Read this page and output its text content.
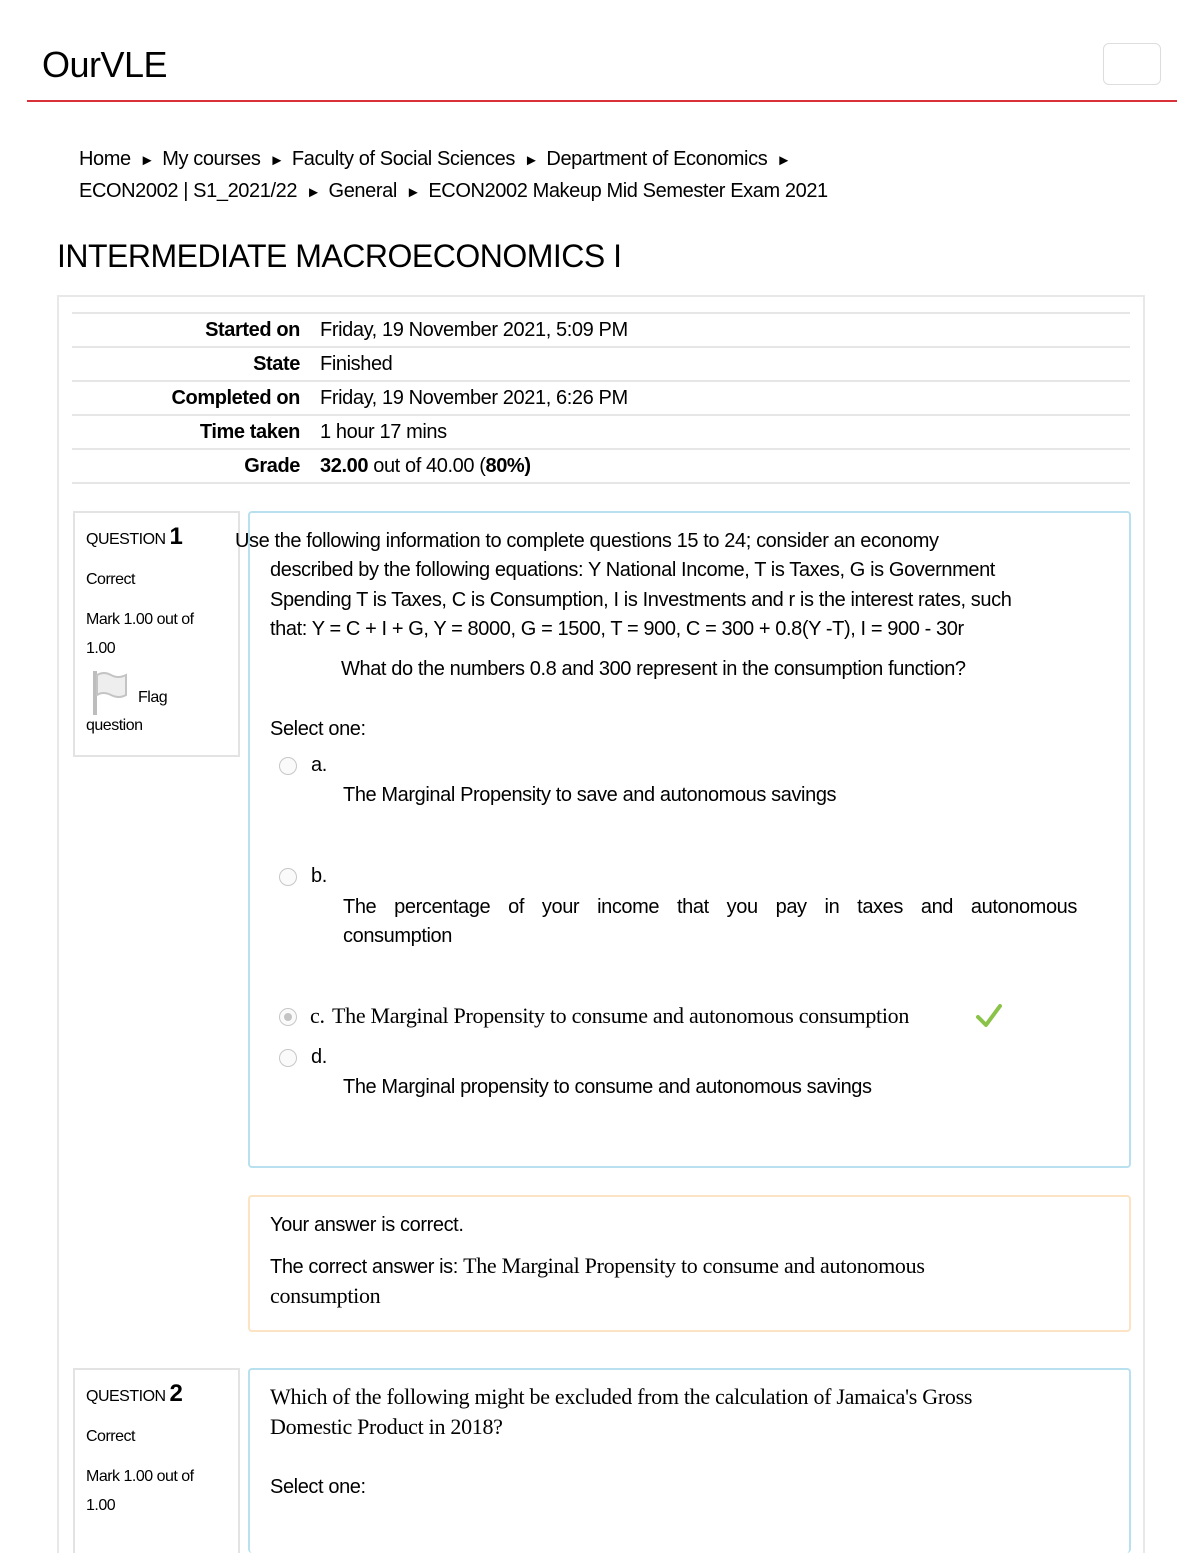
OurVLE
Home ► My courses ► Faculty of Social Sciences ► Department of Economics ►
ECON2002 | S1_2021/22 ► General ► ECON2002 Makeup Mid Semester Exam 2021
INTERMEDIATE MACROECONOMICS I
Started on	Friday, 19 November 2021, 5:09 PM
State	Finished
Completed on	Friday, 19 November 2021, 6:26 PM
Time taken	1 hour 17 mins
Grade	32.00 out of 40.00 (80%)
QUESTION 1
Correct
Mark 1.00 out of
1.00
Flag
question
Use the following information to complete questions 15 to 24; consider an economy
described by the following equations: Y National Income, T is Taxes, G is Government
Spending T is Taxes, C is Consumption, I is Investments and r is the interest rates, such
that: Y = C + I + G, Y = 8000, G = 1500, T = 900, C = 300 + 0.8(Y -T), I = 900 - 30r
What do the numbers 0.8 and 300 represent in the consumption function?
Select one:
a.
The Marginal Propensity to save and autonomous savings
b.
The percentage of your income that you pay in taxes and autonomous
consumption
c. The Marginal Propensity to consume and autonomous consumption
d.
The Marginal propensity to consume and autonomous savings
Your answer is correct.
The correct answer is: The Marginal Propensity to consume and autonomous
consumption
QUESTION 2
Correct
Mark 1.00 out of
1.00
Which of the following might be excluded from the calculation of Jamaica's Gross
Domestic Product in 2018?
Select one:
